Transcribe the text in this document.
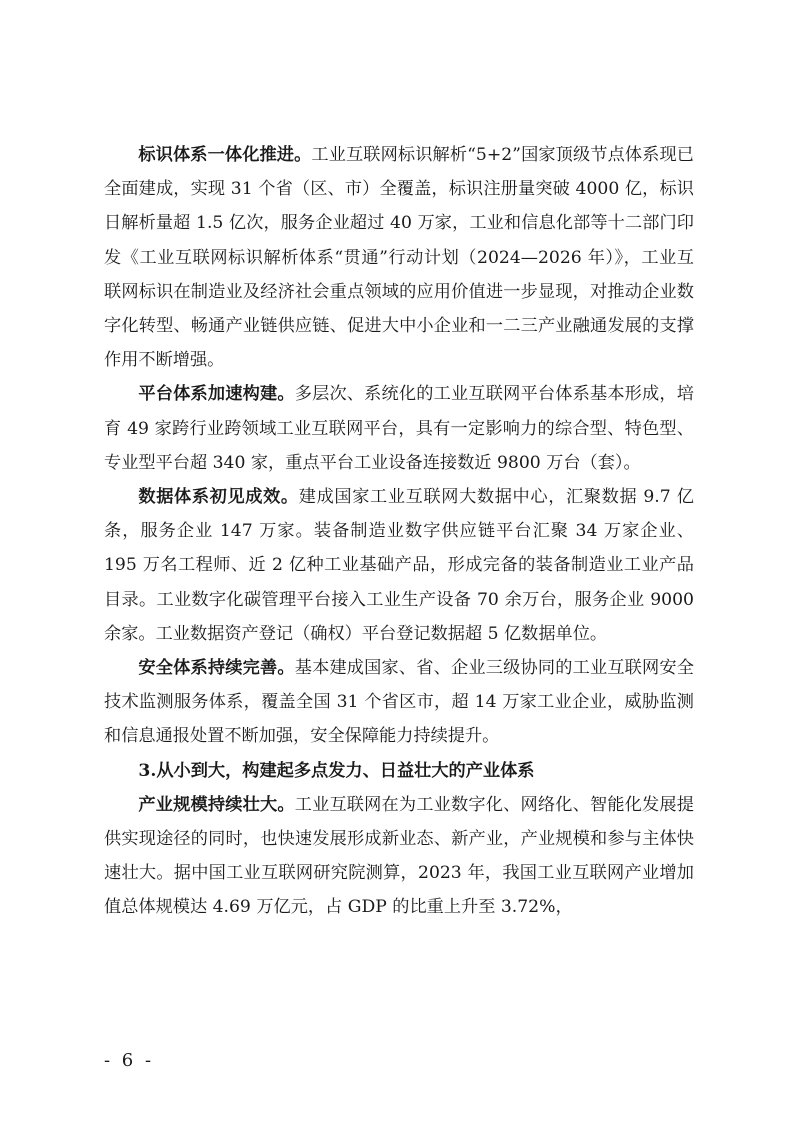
标识体系一体化推进。工业互联网标识解析“5+2”国家顶级节点体系现已全面建成，实现 31 个省（区、市）全覆盖，标识注册量突破 4000 亿，标识日解析量超 1.5 亿次，服务企业超过 40 万家，工业和信息化部等十二部门印发《工业互联网标识解析体系“贯通”行动计划（2024—2026 年）》，工业互联网标识在制造业及经济社会重点领域的应用价值进一步显现，对推动企业数字化转型、畅通产业链供应链、促进大中小企业和一二三产业融通发展的支撑作用不断增强。

平台体系加速构建。多层次、系统化的工业互联网平台体系基本形成，培育 49 家跨行业跨领域工业互联网平台，具有一定影响力的综合型、特色型、专业型平台超 340 家，重点平台工业设备连接数近 9800 万台（套）。

数据体系初见成效。建成国家工业互联网大数据中心，汇聚数据 9.7 亿条，服务企业 147 万家。装备制造业数字供应链平台汇聚 34 万家企业、195 万名工程师、近 2 亿种工业基础产品，形成完备的装备制造业工业产品目录。工业数字化碳管理平台接入工业生产设备 70 余万台，服务企业 9000 余家。工业数据资产登记（确权）平台登记数据超 5 亿数据单位。

安全体系持续完善。基本建成国家、省、企业三级协同的工业互联网安全技术监测服务体系，覆盖全国 31 个省区市，超 14 万家工业企业，威胁监测和信息通报处置不断加强，安全保障能力持续提升。

3.从小到大，构建起多点发力、日益壮大的产业体系

产业规模持续壮大。工业互联网在为工业数字化、网络化、智能化发展提供实现途径的同时，也快速发展形成新业态、新产业，产业规模和参与主体快速壮大。据中国工业互联网研究院测算，2023 年，我国工业互联网产业增加值总体规模达 4.69 万亿元，占 GDP 的比重上升至 3.72%，

- 6 -
